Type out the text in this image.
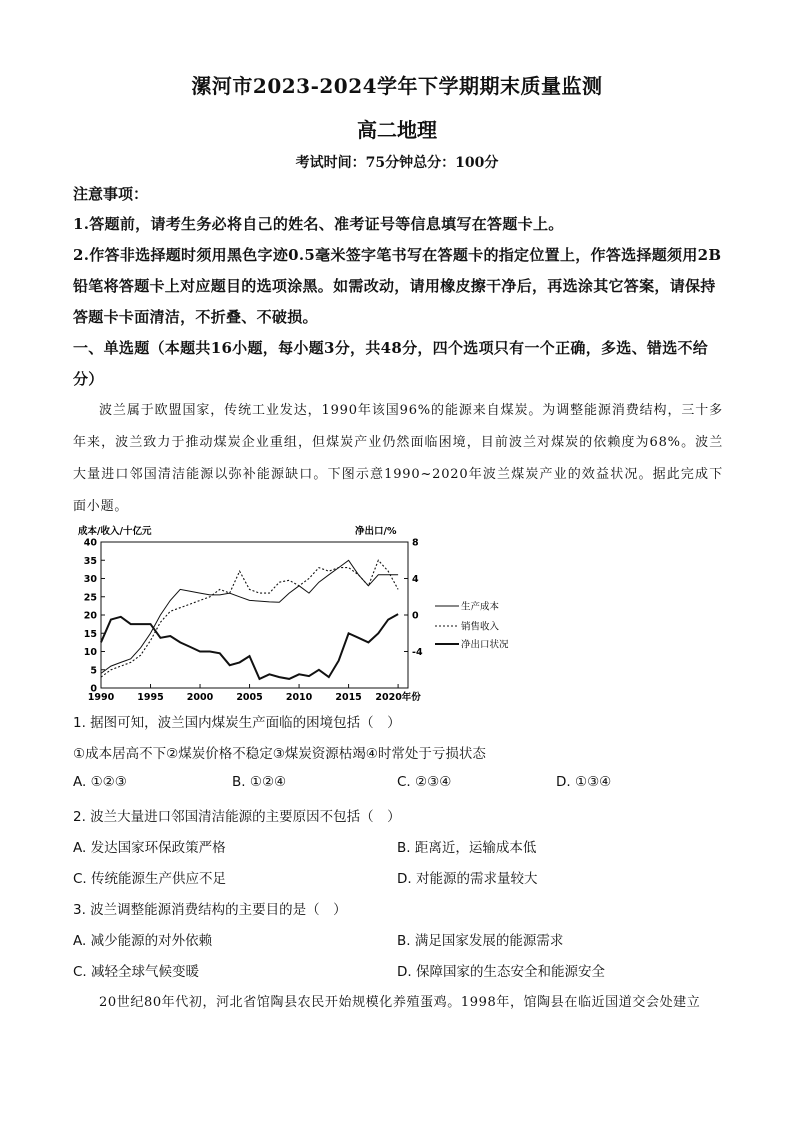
漯河市2023-2024学年下学期期末质量监测
高二地理
考试时间：75分钟总分：100分
注意事项：
1.答题前，请考生务必将自己的姓名、准考证号等信息填写在答题卡上。
2.作答非选择题时须用黑色字迹0.5毫米签字笔书写在答题卡的指定位置上，作答选择题须用2B铅笔将答题卡上对应题目的选项涂黑。如需改动，请用橡皮擦干净后，再选涂其它答案，请保持答题卡卡面清洁，不折叠、不破损。
一、单选题（本题共16小题，每小题3分，共48分，四个选项只有一个正确，多选、错选不给分）
波兰属于欧盟国家，传统工业发达，1990年该国96%的能源来自煤炭。为调整能源消费结构，三十多年来，波兰致力于推动煤炭企业重组，但煤炭产业仍然面临困境，目前波兰对煤炭的依赖度为68%。波兰大量进口邻国清洁能源以弥补能源缺口。下图示意1990~2020年波兰煤炭产业的效益状况。据此完成下面小题。
成本/收入/十亿元	净出口/%
0
5
10
15
20
25
30
35
40	8
4
0
-4
1990 1995 2000 2005 2010 2015 2020年份
生产成本
销售收入
净出口状况
1. 据图可知，波兰国内煤炭生产面临的困境包括（　）
①成本居高不下②煤炭价格不稳定③煤炭资源枯竭④时常处于亏损状态
A. ①②③	B. ①②④	C. ②③④	D. ①③④
2. 波兰大量进口邻国清洁能源的主要原因不包括（　）
A. 发达国家环保政策严格	B. 距离近，运输成本低
C. 传统能源生产供应不足	D. 对能源的需求量较大
3. 波兰调整能源消费结构的主要目的是（　）
A. 减少能源的对外依赖	B. 满足国家发展的能源需求
C. 减轻全球气候变暖	D. 保障国家的生态安全和能源安全
20世纪80年代初，河北省馆陶县农民开始规模化养殖蛋鸡。1998年，馆陶县在临近国道交会处建立
